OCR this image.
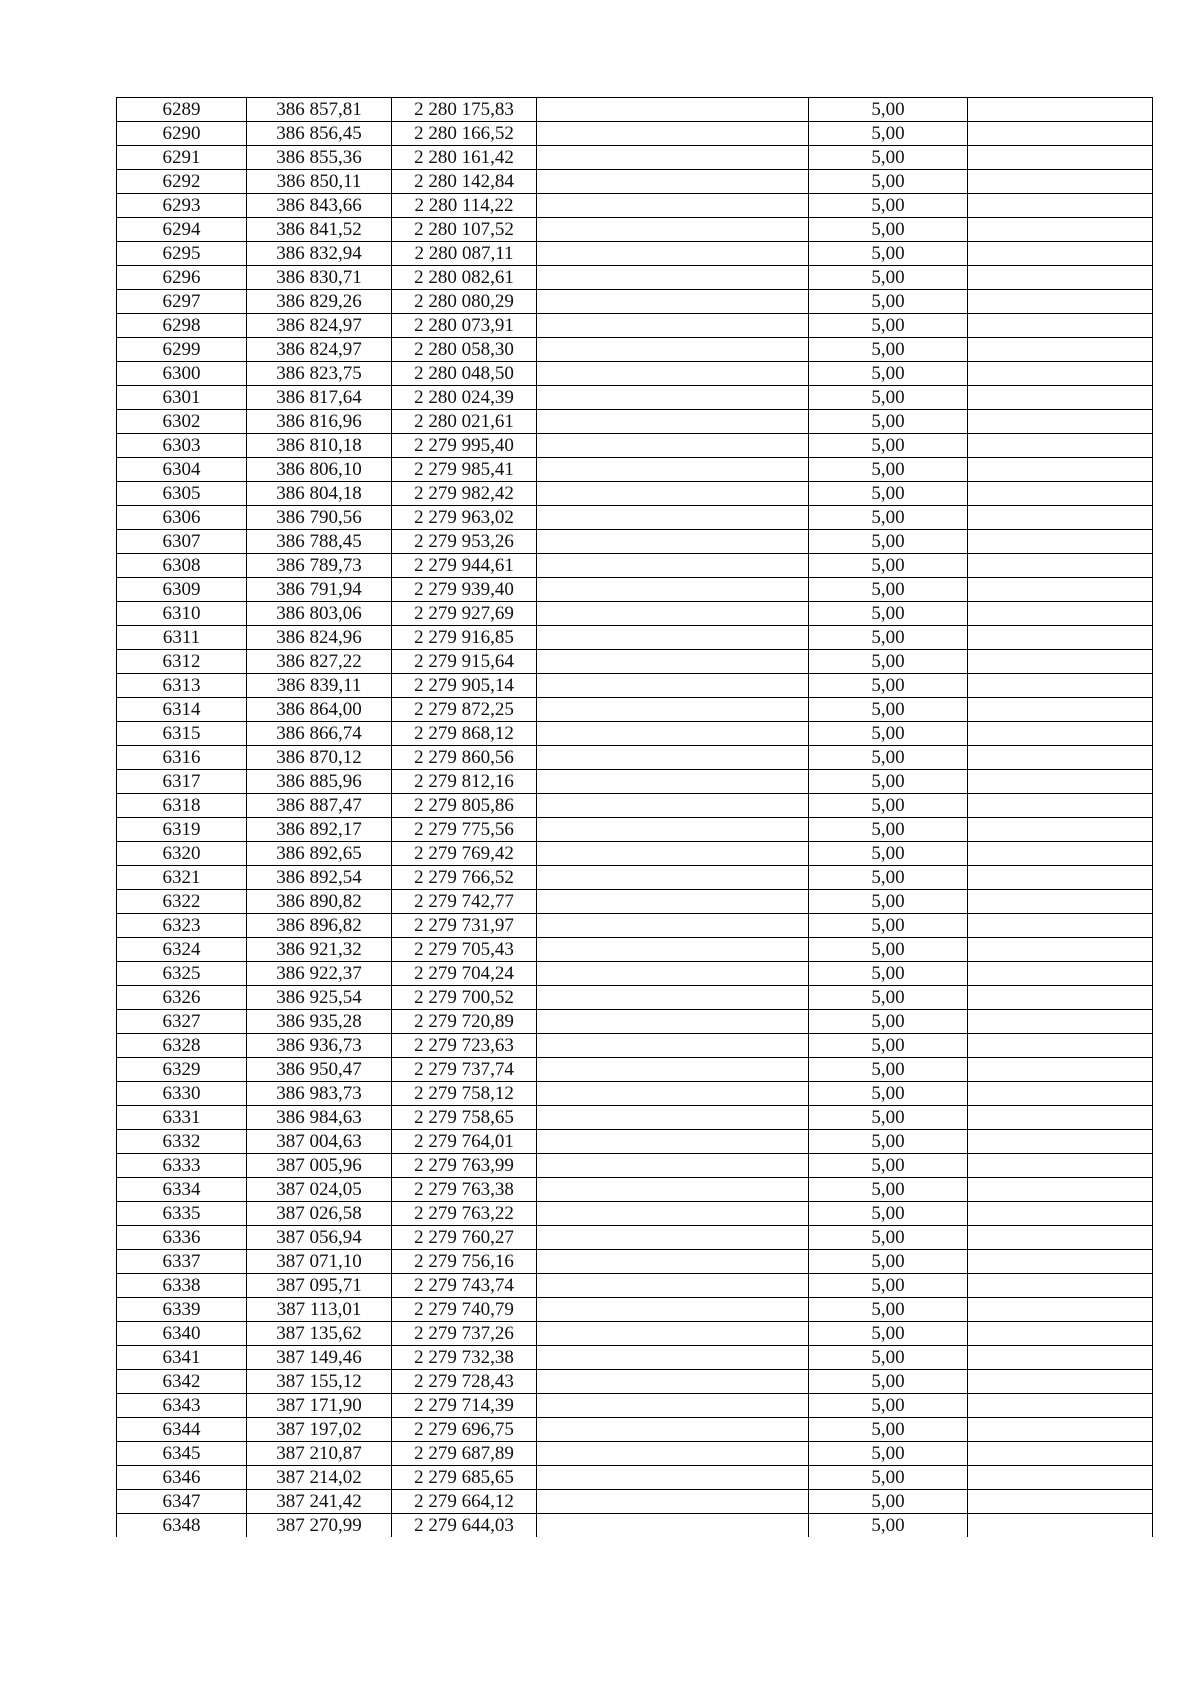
6289	386 857,81	2 280 175,83		5,00	
6290	386 856,45	2 280 166,52		5,00	
6291	386 855,36	2 280 161,42		5,00	
6292	386 850,11	2 280 142,84		5,00	
6293	386 843,66	2 280 114,22		5,00	
6294	386 841,52	2 280 107,52		5,00	
6295	386 832,94	2 280 087,11		5,00	
6296	386 830,71	2 280 082,61		5,00	
6297	386 829,26	2 280 080,29		5,00	
6298	386 824,97	2 280 073,91		5,00	
6299	386 824,97	2 280 058,30		5,00	
6300	386 823,75	2 280 048,50		5,00	
6301	386 817,64	2 280 024,39		5,00	
6302	386 816,96	2 280 021,61		5,00	
6303	386 810,18	2 279 995,40		5,00	
6304	386 806,10	2 279 985,41		5,00	
6305	386 804,18	2 279 982,42		5,00	
6306	386 790,56	2 279 963,02		5,00	
6307	386 788,45	2 279 953,26		5,00	
6308	386 789,73	2 279 944,61		5,00	
6309	386 791,94	2 279 939,40		5,00	
6310	386 803,06	2 279 927,69		5,00	
6311	386 824,96	2 279 916,85		5,00	
6312	386 827,22	2 279 915,64		5,00	
6313	386 839,11	2 279 905,14		5,00	
6314	386 864,00	2 279 872,25		5,00	
6315	386 866,74	2 279 868,12		5,00	
6316	386 870,12	2 279 860,56		5,00	
6317	386 885,96	2 279 812,16		5,00	
6318	386 887,47	2 279 805,86		5,00	
6319	386 892,17	2 279 775,56		5,00	
6320	386 892,65	2 279 769,42		5,00	
6321	386 892,54	2 279 766,52		5,00	
6322	386 890,82	2 279 742,77		5,00	
6323	386 896,82	2 279 731,97		5,00	
6324	386 921,32	2 279 705,43		5,00	
6325	386 922,37	2 279 704,24		5,00	
6326	386 925,54	2 279 700,52		5,00	
6327	386 935,28	2 279 720,89		5,00	
6328	386 936,73	2 279 723,63		5,00	
6329	386 950,47	2 279 737,74		5,00	
6330	386 983,73	2 279 758,12		5,00	
6331	386 984,63	2 279 758,65		5,00	
6332	387 004,63	2 279 764,01		5,00	
6333	387 005,96	2 279 763,99		5,00	
6334	387 024,05	2 279 763,38		5,00	
6335	387 026,58	2 279 763,22		5,00	
6336	387 056,94	2 279 760,27		5,00	
6337	387 071,10	2 279 756,16		5,00	
6338	387 095,71	2 279 743,74		5,00	
6339	387 113,01	2 279 740,79		5,00	
6340	387 135,62	2 279 737,26		5,00	
6341	387 149,46	2 279 732,38		5,00	
6342	387 155,12	2 279 728,43		5,00	
6343	387 171,90	2 279 714,39		5,00	
6344	387 197,02	2 279 696,75		5,00	
6345	387 210,87	2 279 687,89		5,00	
6346	387 214,02	2 279 685,65		5,00	
6347	387 241,42	2 279 664,12		5,00	
6348	387 270,99	2 279 644,03		5,00	
